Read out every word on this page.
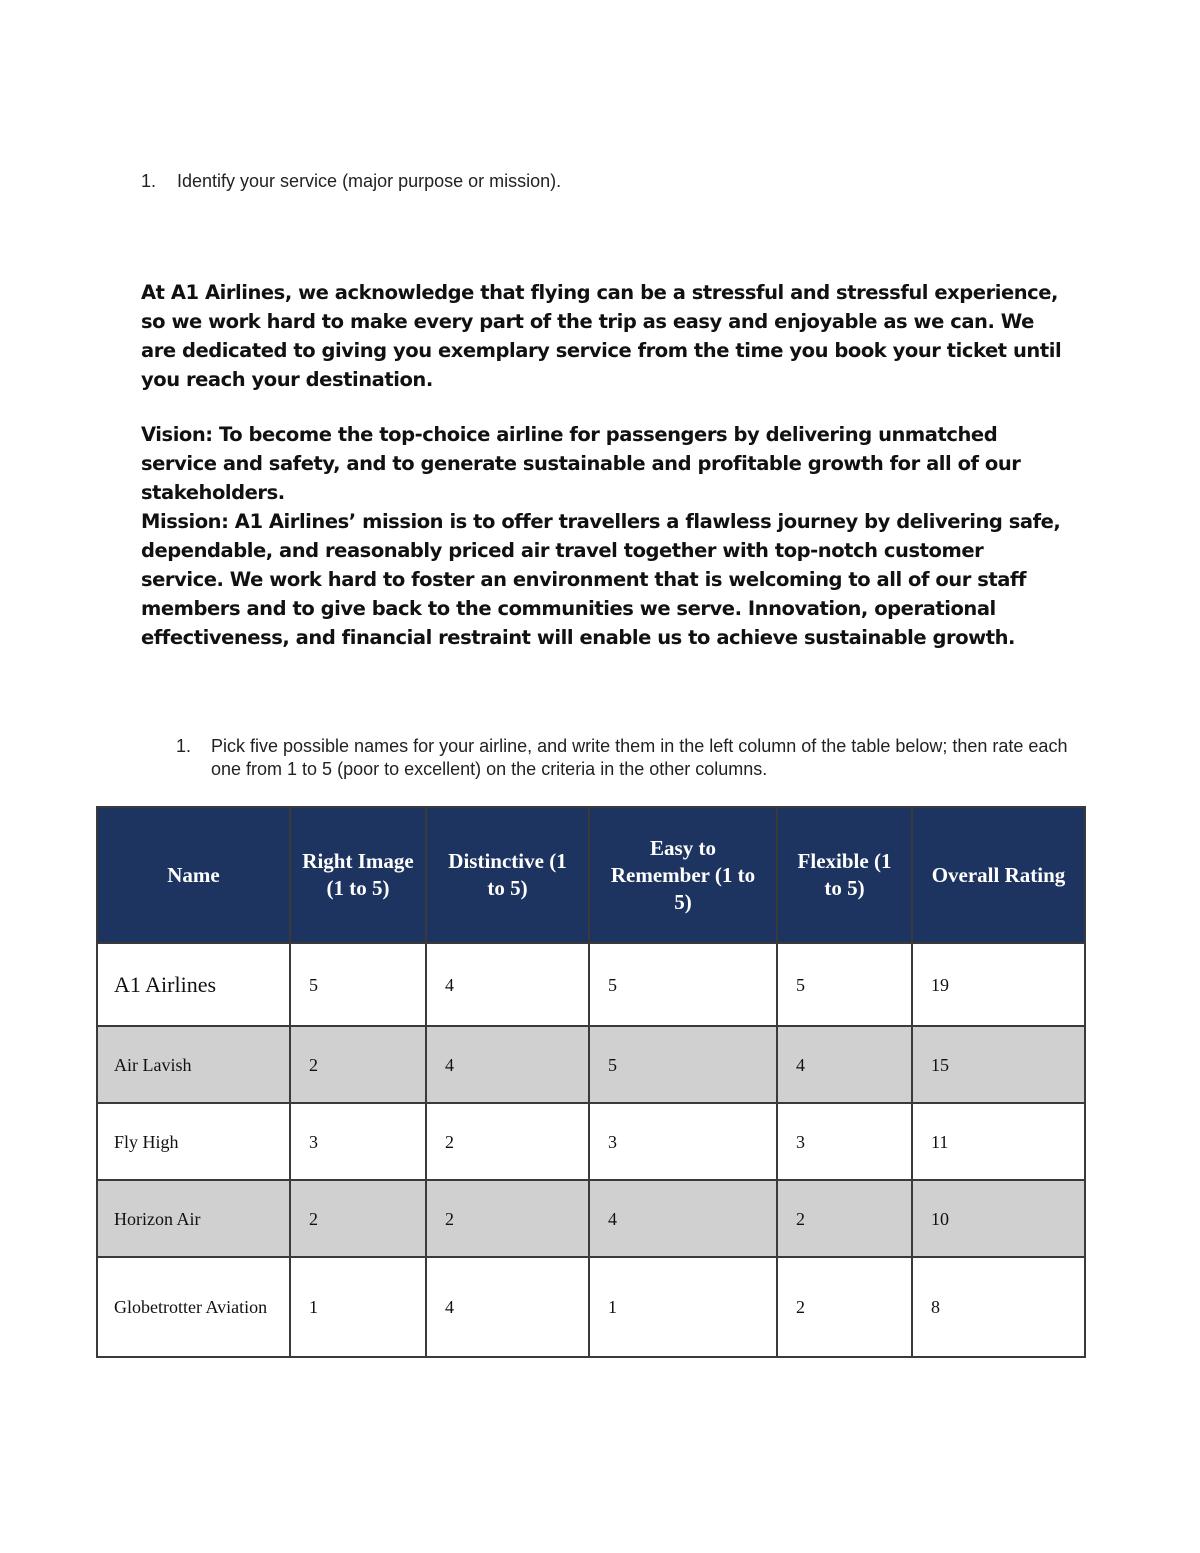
1. Identify your service (major purpose or mission).

At A1 Airlines, we acknowledge that flying can be a stressful and stressful experience, so we work hard to make every part of the trip as easy and enjoyable as we can. We are dedicated to giving you exemplary service from the time you book your ticket until you reach your destination.

Vision: To become the top-choice airline for passengers by delivering unmatched service and safety, and to generate sustainable and profitable growth for all of our stakeholders.

Mission: A1 Airlines’ mission is to offer travellers a flawless journey by delivering safe, dependable, and reasonably priced air travel together with top-notch customer service. We work hard to foster an environment that is welcoming to all of our staff members and to give back to the communities we serve. Innovation, operational effectiveness, and financial restraint will enable us to achieve sustainable growth.

1. Pick five possible names for your airline, and write them in the left column of the table below; then rate each one from 1 to 5 (poor to excellent) on the criteria in the other columns.
Name	Right Image (1 to 5)	Distinctive (1 to 5)	Easy to Remember (1 to 5)	Flexible (1 to 5)	Overall Rating
A1 Airlines	5	4	5	5	19
Air Lavish	2	4	5	4	15
Fly High	3	2	3	3	11
Horizon Air	2	2	4	2	10
Globetrotter Aviation	1	4	1	2	8
